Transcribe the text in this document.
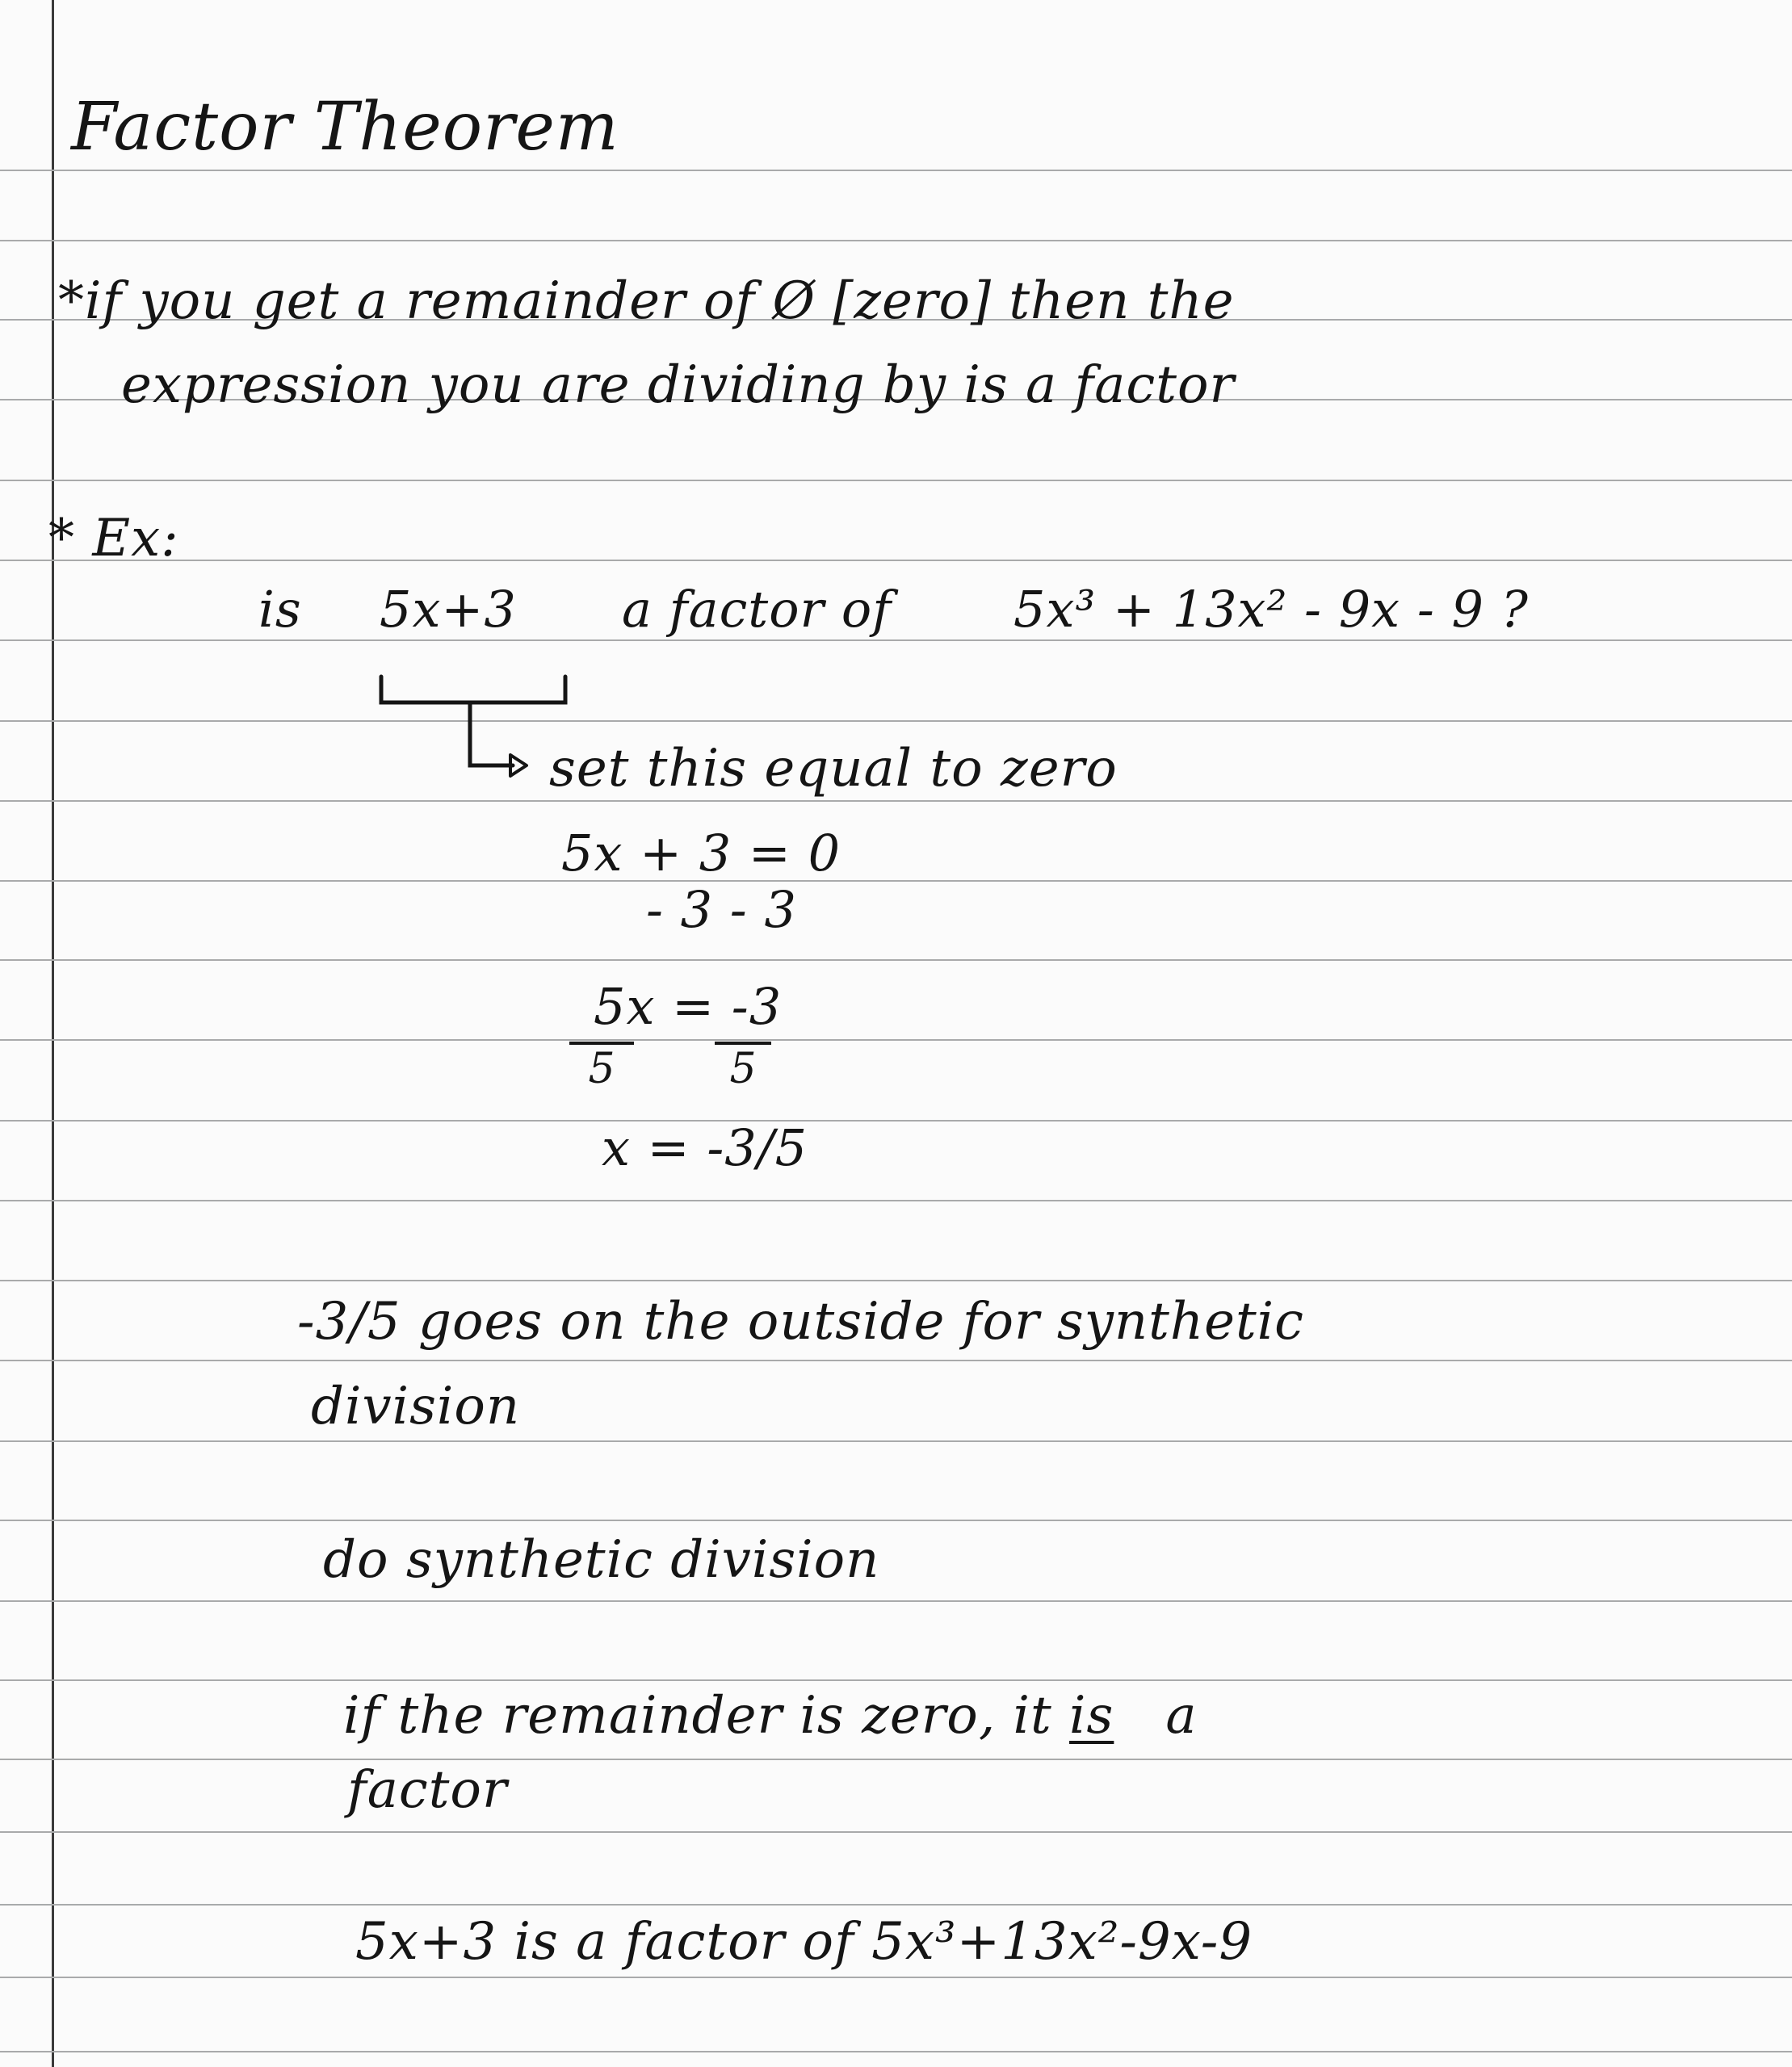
Factor Theorem
*if you get a remainder of Ø [zero] then the
expression you are dividing by is a factor
* Ex:
is 5x+3 a factor of 5x³ + 13x² - 9x - 9 ?
set this equal to zero
5x + 3 = 0
- 3 - 3
5x = -3
5	5
x = -3/5
-3/5 goes on the outside for synthetic
division
do synthetic division
if the remainder is zero, it is a
factor
5x+3 is a factor of 5x³+13x²-9x-9
